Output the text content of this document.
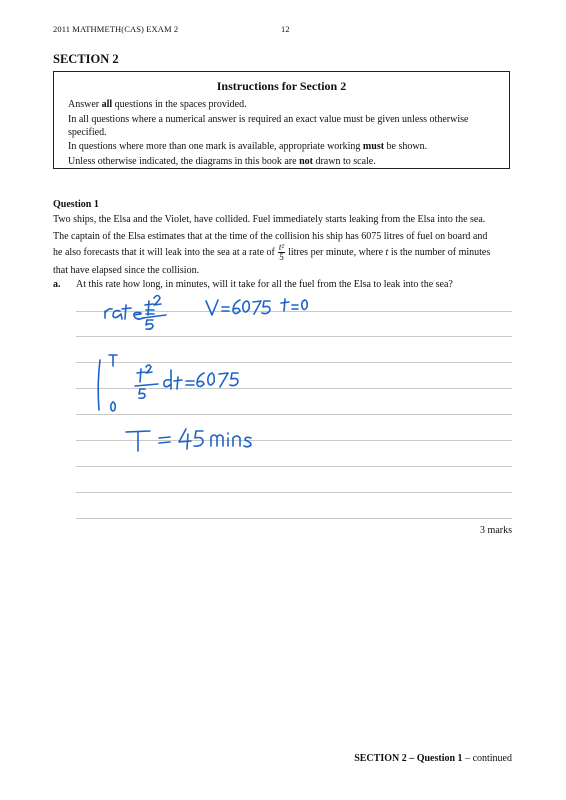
2011 MATHMETH(CAS) EXAM 2	12
SECTION 2
Instructions for Section 2
Answer all questions in the spaces provided.
In all questions where a numerical answer is required an exact value must be given unless otherwise specified.
In questions where more than one mark is available, appropriate working must be shown.
Unless otherwise indicated, the diagrams in this book are not drawn to scale.
Question 1
Two ships, the Elsa and the Violet, have collided. Fuel immediately starts leaking from the Elsa into the sea.
The captain of the Elsa estimates that at the time of the collision his ship has 6075 litres of fuel on board and
he also forecasts that it will leak into the sea at a rate of $\frac{\text{t²}}{5}$ litres per minute, where t is the number of minutes
that have elapsed since the collision.
a. At this rate how long, in minutes, will it take for all the fuel from the Elsa to leak into the sea?
3 marks
SECTION 2 – Question 1 – continued
